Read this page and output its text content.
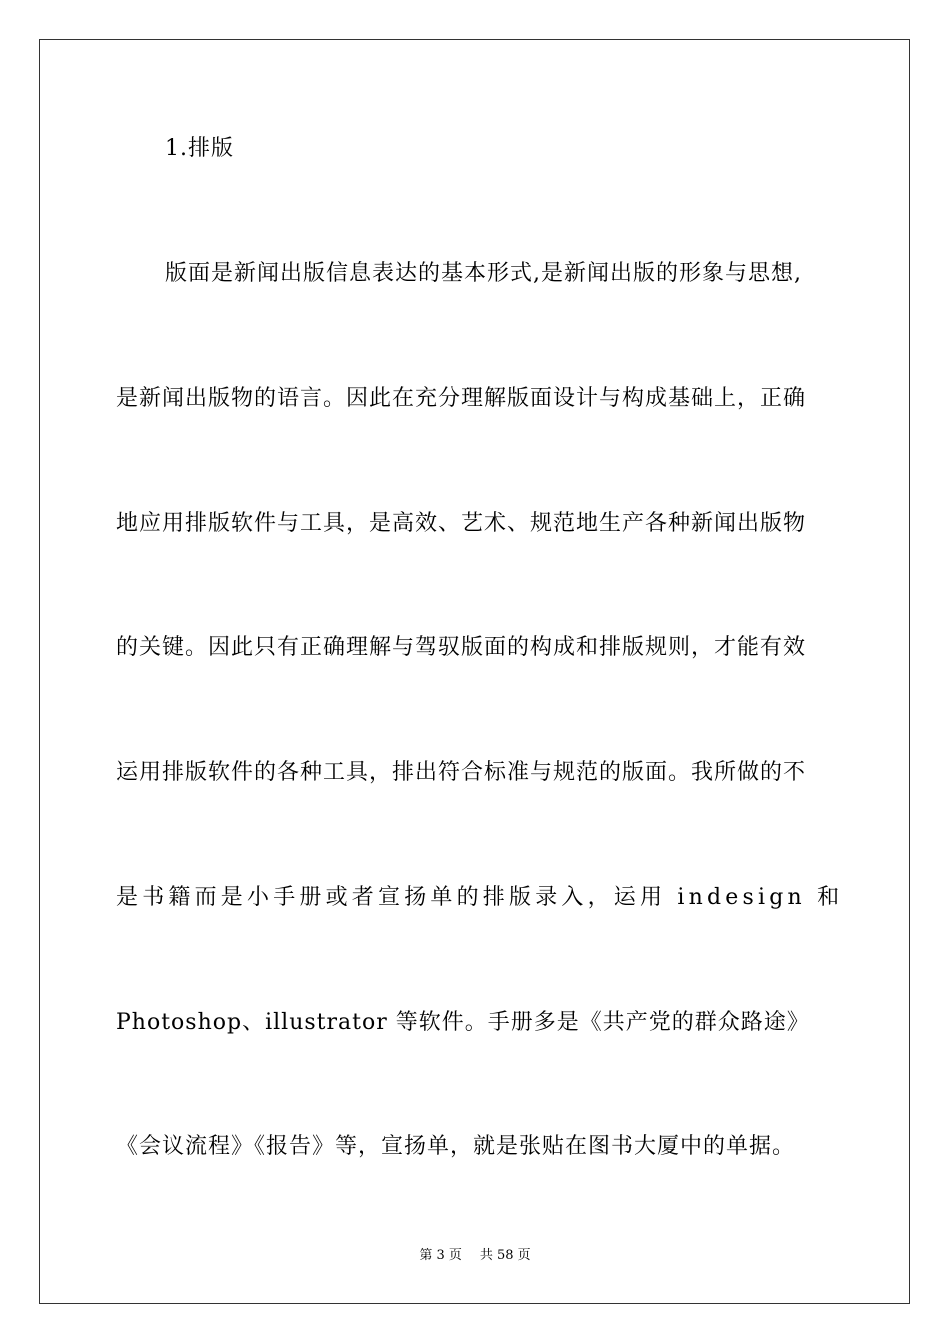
1.排版
版面是新闻出版信息表达的基本形式,是新闻出版的形象与思想,
是新闻出版物的语言。因此在充分理解版面设计与构成基础上，正确
地应用排版软件与工具，是高效、艺术、规范地生产各种新闻出版物
的关键。因此只有正确理解与驾驭版面的构成和排版规则，才能有效
运用排版软件的各种工具，排出符合标准与规范的版面。我所做的不
是书籍而是小手册或者宣扬单的排版录入，运用 indesign 和
Photoshop、illustrator 等软件。手册多是《共产党的群众路途》
《会议流程》《报告》等，宣扬单，就是张贴在图书大厦中的单据。
第 3 页 共 58 页
